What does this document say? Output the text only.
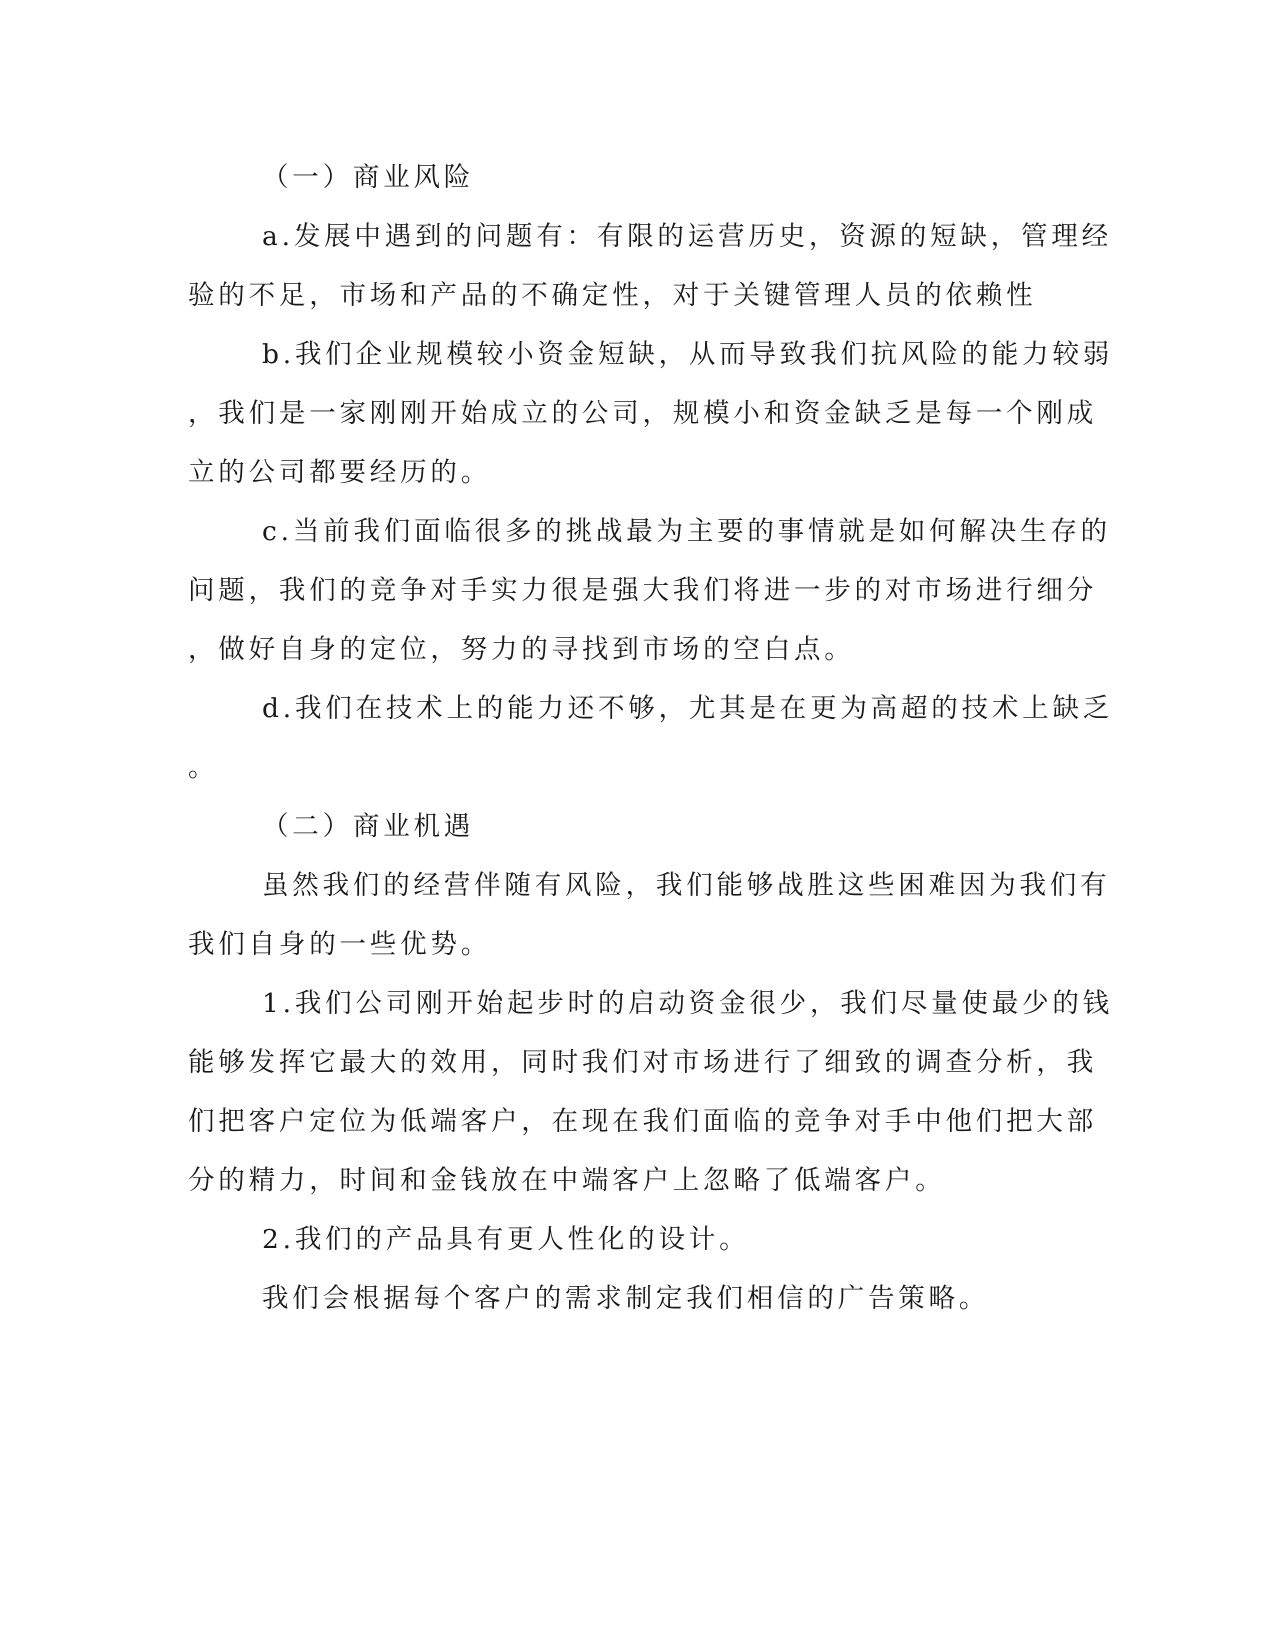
（一）商业风险
a.发展中遇到的问题有：有限的运营历史，资源的短缺，管理经
验的不足，市场和产品的不确定性，对于关键管理人员的依赖性
b.我们企业规模较小资金短缺，从而导致我们抗风险的能力较弱
，我们是一家刚刚开始成立的公司，规模小和资金缺乏是每一个刚成
立的公司都要经历的。
c.当前我们面临很多的挑战最为主要的事情就是如何解决生存的
问题，我们的竞争对手实力很是强大我们将进一步的对市场进行细分
，做好自身的定位，努力的寻找到市场的空白点。
d.我们在技术上的能力还不够，尤其是在更为高超的技术上缺乏
。
（二）商业机遇
虽然我们的经营伴随有风险，我们能够战胜这些困难因为我们有
我们自身的一些优势。
1.我们公司刚开始起步时的启动资金很少，我们尽量使最少的钱
能够发挥它最大的效用，同时我们对市场进行了细致的调查分析，我
们把客户定位为低端客户，在现在我们面临的竞争对手中他们把大部
分的精力，时间和金钱放在中端客户上忽略了低端客户。
2.我们的产品具有更人性化的设计。
我们会根据每个客户的需求制定我们相信的广告策略。
